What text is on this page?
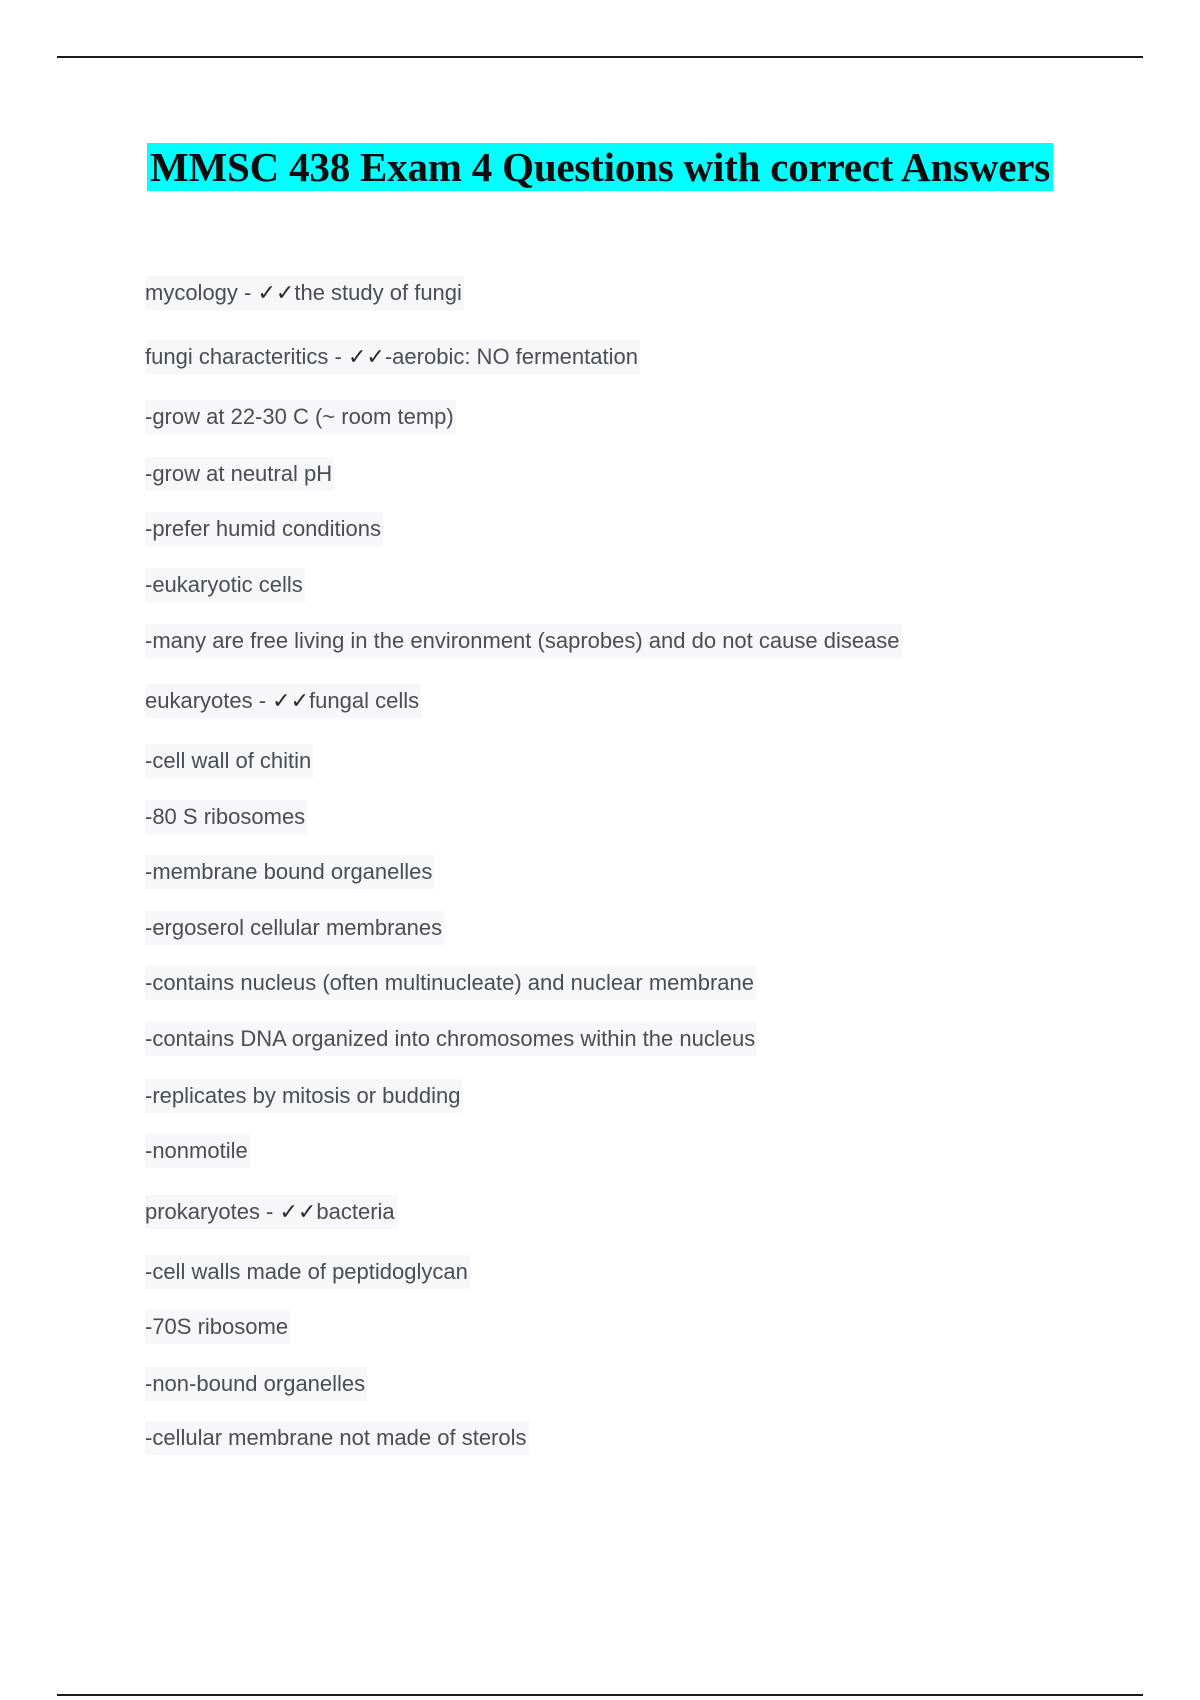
MMSC 438 Exam 4 Questions with correct Answers
mycology - ✓✓the study of fungi
fungi characteritics - ✓✓-aerobic: NO fermentation
-grow at 22-30 C (~ room temp)
-grow at neutral pH
-prefer humid conditions
-eukaryotic cells
-many are free living in the environment (saprobes) and do not cause disease
eukaryotes - ✓✓fungal cells
-cell wall of chitin
-80 S ribosomes
-membrane bound organelles
-ergoserol cellular membranes
-contains nucleus (often multinucleate) and nuclear membrane
-contains DNA organized into chromosomes within the nucleus
-replicates by mitosis or budding
-nonmotile
prokaryotes - ✓✓bacteria
-cell walls made of peptidoglycan
-70S ribosome
-non-bound organelles
-cellular membrane not made of sterols
